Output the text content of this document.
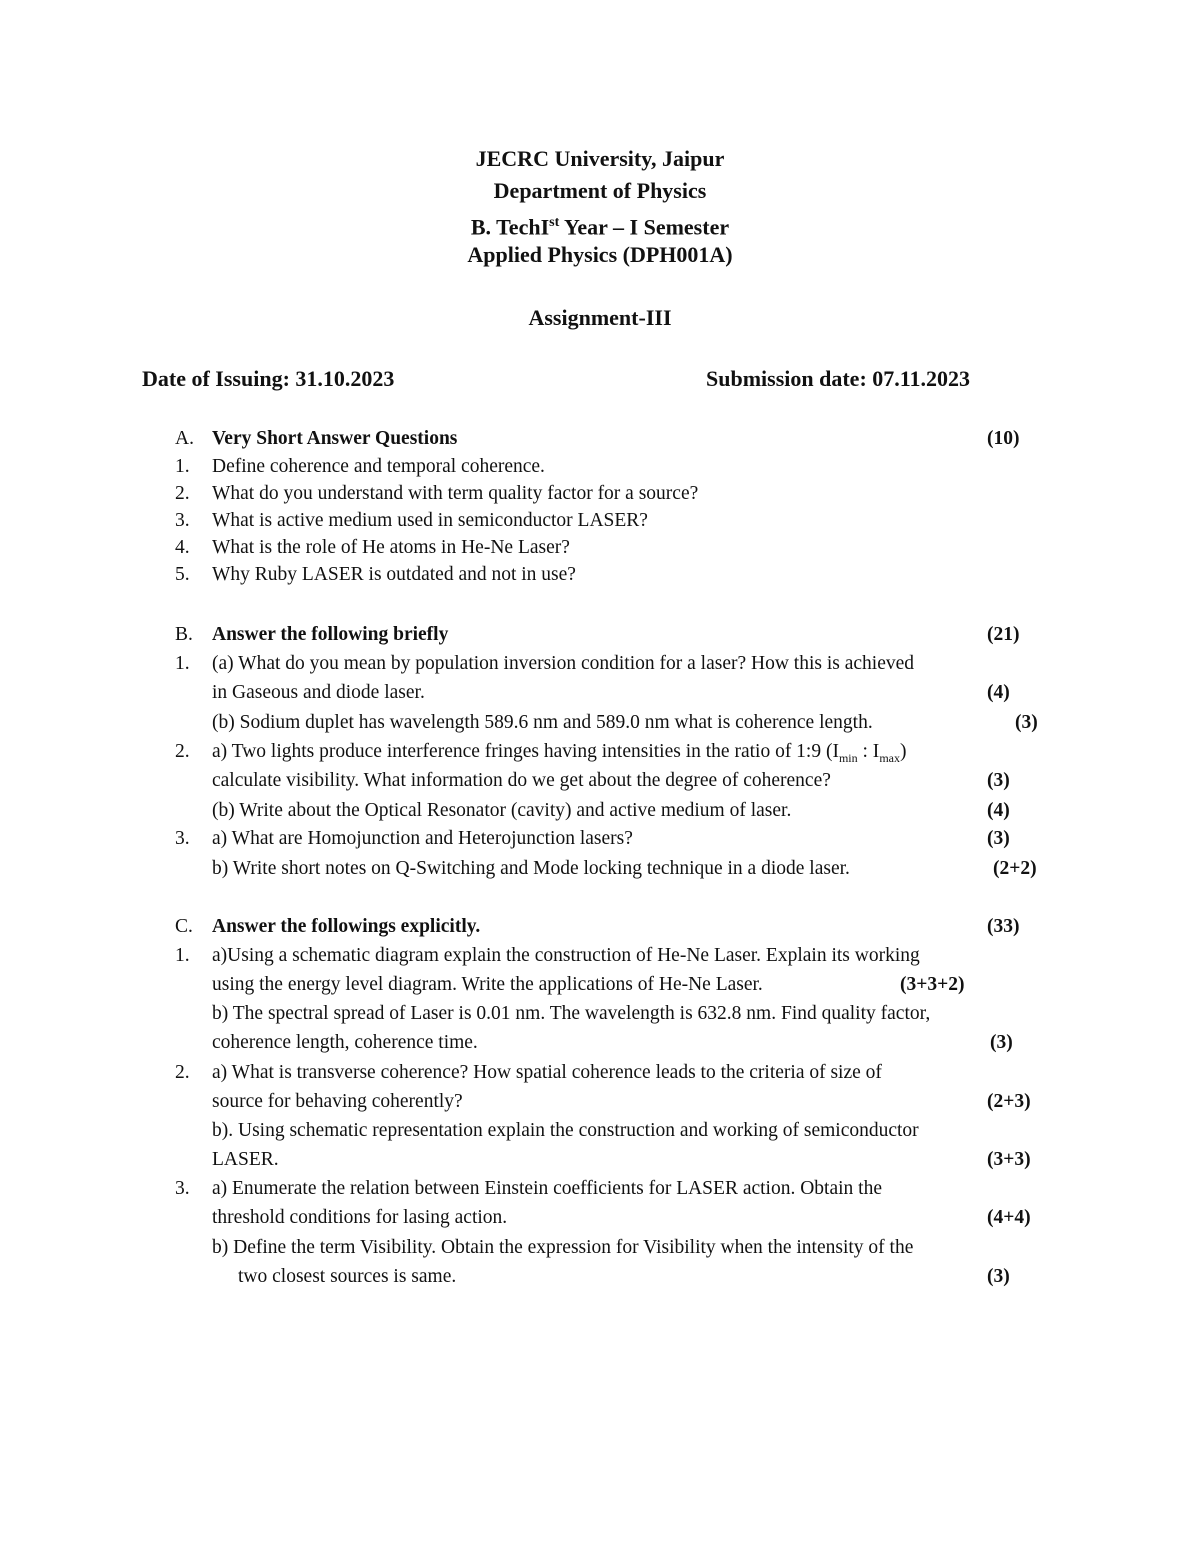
JECRC University, Jaipur
Department of Physics
B. TechI$^{st}$ Year – I Semester
Applied Physics (DPH001A)
Assignment-III
Date of Issuing: 31.10.2023	Submission date: 07.11.2023
A. Very Short Answer Questions	(10)
1. Define coherence and temporal coherence.
2. What do you understand with term quality factor for a source?
3. What is active medium used in semiconductor LASER?
4. What is the role of He atoms in He-Ne Laser?
5. Why Ruby LASER is outdated and not in use?
B. Answer the following briefly	(21)
1. (a) What do you mean by population inversion condition for a laser? How this is achieved
in Gaseous and diode laser.	(4)
(b) Sodium duplet has wavelength 589.6 nm and 589.0 nm what is coherence length.	(3)
2. a) Two lights produce interference fringes having intensities in the ratio of 1:9 ($I_{min}$ : $I_{max}$)
calculate visibility. What information do we get about the degree of coherence?	(3)
(b) Write about the Optical Resonator (cavity) and active medium of laser.	(4)
3. a) What are Homojunction and Heterojunction lasers?	(3)
b) Write short notes on Q-Switching and Mode locking technique in a diode laser.	(2+2)
C. Answer the followings explicitly.	(33)
1. a)Using a schematic diagram explain the construction of He-Ne Laser. Explain its working
using the energy level diagram. Write the applications of He-Ne Laser.	(3+3+2)
b) The spectral spread of Laser is 0.01 nm. The wavelength is 632.8 nm. Find quality factor,
coherence length, coherence time.	(3)
2. a) What is transverse coherence? How spatial coherence leads to the criteria of size of
source for behaving coherently?	(2+3)
b). Using schematic representation explain the construction and working of semiconductor
LASER.	(3+3)
3. a) Enumerate the relation between Einstein coefficients for LASER action. Obtain the
threshold conditions for lasing action.	(4+4)
b) Define the term Visibility. Obtain the expression for Visibility when the intensity of the
two closest sources is same.	(3)
